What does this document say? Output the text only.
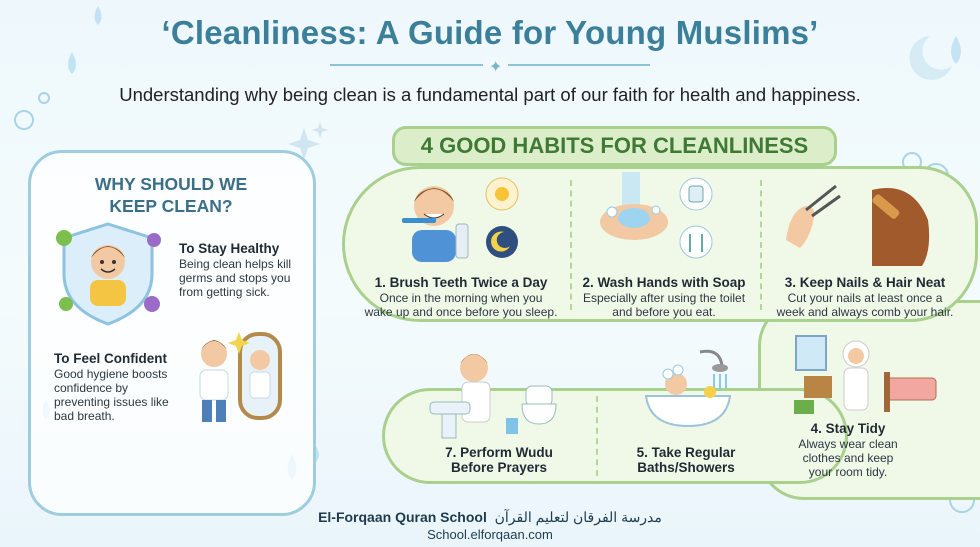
‘Cleanliness: A Guide for Young Muslims’
✦
Understanding why being clean is a fundamental part of our faith for health and happiness.
WHY SHOULD WE
KEEP CLEAN?
To Stay Healthy
Being clean helps kill
germs and stops you
from getting sick.
To Feel Confident
Good hygiene boosts
confidence by
preventing issues like
bad breath.
4 GOOD HABITS FOR CLEANLINESS
1. Brush Teeth Twice a Day
Once in the morning when you
wake up and once before you sleep.
2. Wash Hands with Soap
Especially after using the toilet
and before you eat.
3. Keep Nails & Hair Neat
Cut your nails at least once a
week and always comb your hair.
4. Stay Tidy
Always wear clean
clothes and keep
your room tidy.
5. Take Regular
Baths/Showers
7. Perform Wudu
Before Prayers
El-Forqaan Quran School مدرسة الفرقان لتعليم القرآن
School.elforqaan.com
